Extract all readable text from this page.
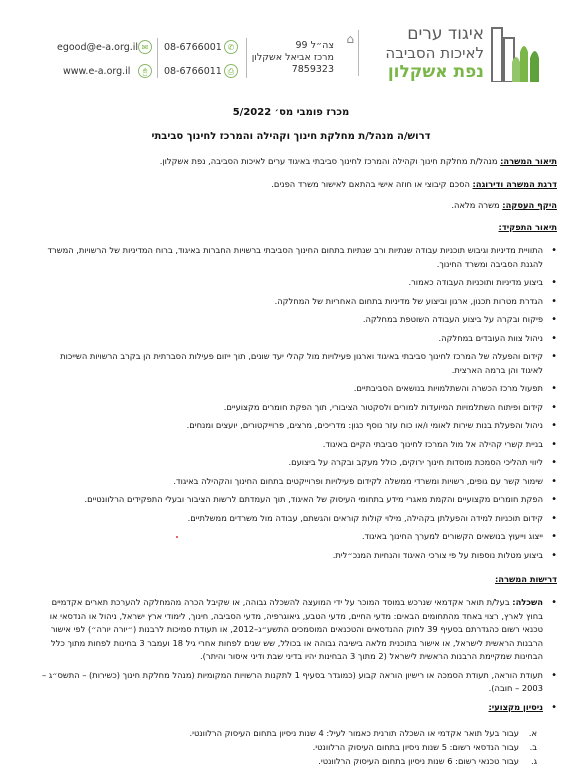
איגוד ערים
לאיכות הסביבה
נפת אשקלון
⌂
צה״ל 99
מרכז אביאל אשקלון
7859323
✆
08-6766001
⎙
08-6766011
✉
egood@e-a.org.il
🖰
www.e-a.org.il
מכרז פומבי מס׳ 5/2022
דרוש/ה מנהל/ת מחלקת חינוך וקהילה והמרכז לחינוך סביבתי
תיאור המשרה: מנהל/ת מחלקת חינוך וקהילה והמרכז לחינוך סביבתי באיגוד ערים לאיכות הסביבה, נפת אשקלון.
דרגת המשרה ודירוגה: הסכם קיבוצי או חוזה אישי בהתאם לאישור משרד הפנים.
היקף העסקה: משרה מלאה.
תיאור התפקיד:
• התוויית מדיניות וגיבוש תוכניות עבודה שנתיות ורב שנתיות בתחום החינוך הסביבתי ברשויות החברות באיגוד, ברוח המדיניות של הרשויות, המשרד להגנת הסביבה ומשרד החינוך.
• ביצוע מדיניות ותוכניות העבודה כאמור.
• הגדרת מטרות תכנון, ארגון וביצוע של מדיניות בתחום האחריות של המחלקה.
• פיקוח ובקרה על ביצוע העבודה השוטפת במחלקה.
• ניהול צוות העובדים במחלקה.
• קידום והפעלה של המרכז לחינוך סביבתי באיגוד וארגון פעילויות מול קהלי יעד שונים, תוך ייזום פעילות הסברתית הן בקרב הרשויות השייכות לאיגוד והן ברמה הארצית.
• תפעול מרכז הכשרה והשתלמויות בנושאים הסביבתיים.
• קידום ופיתוח השתלמויות המיועדות למורים ולסקטור הציבורי, תוך הפקת חומרים מקצועיים.
• ניהול והפעלת בנות שירות לאומי ו/או כוח עזר נוסף כגון: מדריכים, מרצים, פרוייקטורים, יועצים ומנחים.
• בניית קשרי קהילה אל מול המרכז לחינוך סביבתי הקיים באיגוד.
• ליווי תהליכי הסמכת מוסדות חינוך ירוקים, כולל מעקב ובקרה על ביצועם.
• שימור קשר עם גופים, רשויות ומשרדי ממשלה לקידום פעילויות ופרוייקטים בתחום החינוך והקהילה באיגוד.
• הפקת חומרים מקצועיים והקמת מאגרי מידע בתחומי העיסוק של האיגוד, תוך העמדתם לרשות הציבור ובעלי התפקידים הרלוונטיים.
• קידום תוכניות למידה והפעלתן בקהילה, מילוי קולות קוראים והגשתם, עבודה מול משרדים ממשלתיים.
• ייצוג וייעוץ בנושאים הקשורים למערך החינוך באיגוד.
• ביצוע מטלות נוספות על פי צורכי האיגוד והנחיות המנכ״לית.
דרישות המשרה:
• השכלה: בעל/ת תואר אקדמאי שנרכש במוסד המוכר על ידי המועצה להשכלה גבוהה, או שקיבל הכרה מהמחלקה להערכת תארים אקדמיים בחוץ לארץ, רצוי באחד מהתחומים הבאים: מדעי החיים, מדעי הטבע, גיאוגרפיה, מדעי הסביבה, חינוך, לימודי ארץ ישראל, ניהול או הנדסאי או טכנאי רשום כהגדרתם בסעיף 39 לחוק ההנדסאים והטכנאים המוסמכים התשע״ג–2012, או תעודת סמיכות לרבנות (״יורה יורה״) לפי אישור הרבנות הראשית לישראל, או אישור בתוכנית מלאה בישיבה גבוהה או בכולל, שש שנים לפחות אחרי גיל 18 ועמבר 3 בחינות לפחות מתוך כלל הבחינות שמקיימת הרבנות הראשית לישראל (2 מתוך 3 הבחינות יהיו בדיני שבת ודיני איסור והיתר).
• תעודת הוראה, תעודת הסמכה או רישיון הוראה קבוע (כמוגדר בסעיף 1 לתקנות הרשויות המקומיות (מנהל מחלקת חינוך (כשירות) – התשס״ג – 2003 – חובה).
• ניסיון מקצועי:
א.עבור בעל תואר אקדמי או השכלה תורנית כאמור לעיל: 4 שנות ניסיון בתחום העיסוק הרלוונטי.
ב.עבור הנדסאי רשום: 5 שנות ניסיון בתחום העיסוק הרלוונטי.
ג.עבור טכנאי רשום: 6 שנות ניסיון בתחום העיסוק הרלוונטי.
